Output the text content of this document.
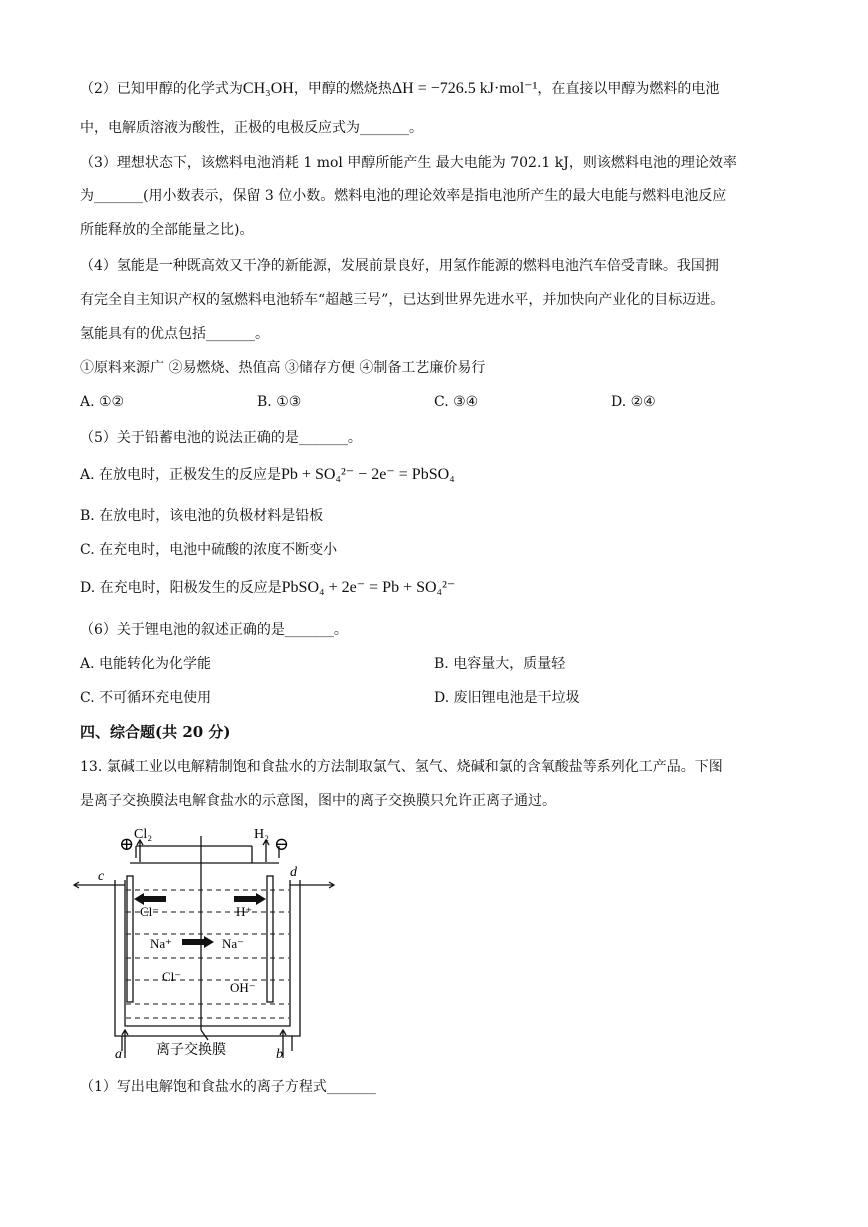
（2）已知甲醇的化学式为CH₃OH，甲醇的燃烧热ΔH = −726.5 kJ·mol⁻¹，在直接以甲醇为燃料的电池
中，电解质溶液为酸性，正极的电极反应式为_______。
（3）理想状态下，该燃料电池消耗 1 mol 甲醇所能产生 最大电能为 702.1 kJ，则该燃料电池的理论效率
为_______(用小数表示，保留 3 位小数。燃料电池的理论效率是指电池所产生的最大电能与燃料电池反应
所能释放的全部能量之比)。
（4）氢能是一种既高效又干净的新能源，发展前景良好，用氢作能源的燃料电池汽车倍受青睐。我国拥
有完全自主知识产权的氢燃料电池轿车“超越三号”，已达到世界先进水平，并加快向产业化的目标迈进。
氢能具有的优点包括_______。
①原料来源广 ②易燃烧、热值高 ③储存方便 ④制备工艺廉价易行
A. ①②	B. ①③	C. ③④	D. ②④
（5）关于铅蓄电池的说法正确的是_______。
A. 在放电时，正极发生的反应是Pb + SO₄²⁻ − 2e⁻ = PbSO₄
B. 在放电时，该电池的负极材料是铅板
C. 在充电时，电池中硫酸的浓度不断变小
D. 在充电时，阳极发生的反应是PbSO₄ + 2e⁻ = Pb + SO₄²⁻
（6）关于锂电池的叙述正确的是_______。
A. 电能转化为化学能	B. 电容量大，质量轻
C. 不可循环充电使用	D. 废旧锂电池是干垃圾
四、综合题(共 20 分)
13. 氯碱工业以电解精制饱和食盐水的方法制取氯气、氢气、烧碱和氯的含氧酸盐等系列化工产品。下图
是离子交换膜法电解食盐水的示意图，图中的离子交换膜只允许正离子通过。
⊕	⊖
Cl₂	H₂
c	d
a	b
Cl⁻	H⁺
Na⁺	Na⁻
Cl⁻
OH⁻
离子交换膜
（1）写出电解饱和食盐水的离子方程式_______
